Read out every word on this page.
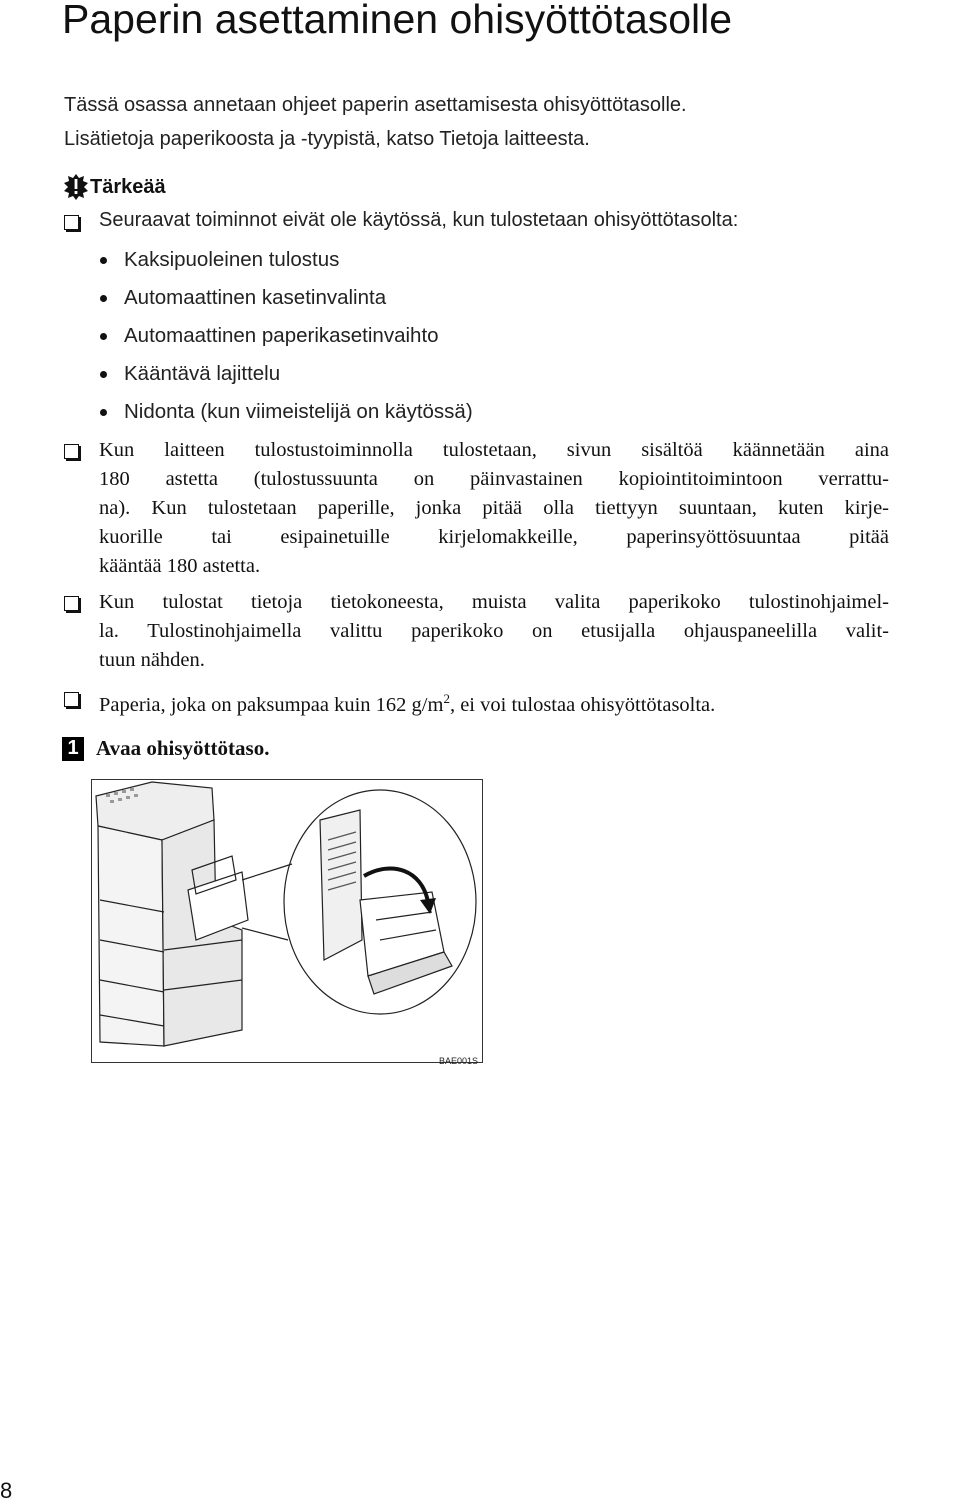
Paperin asettaminen ohisyöttötasolle
Tässä osassa annetaan ohjeet paperin asettamisesta ohisyöttötasolle.
Lisätietoja paperikoosta ja -tyypistä, katso Tietoja laitteesta.
Tärkeää
Seuraavat toiminnot eivät ole käytössä, kun tulostetaan ohisyöttötasolta:
Kaksipuoleinen tulostus
Automaattinen kasetinvalinta
Automaattinen paperikasetinvaihto
Kääntävä lajittelu
Nidonta (kun viimeistelijä on käytössä)
Kun laitteen tulostustoiminnolla tulostetaan, sivun sisältöä käännetään aina
180 astetta (tulostussuunta on päinvastainen kopiointitoimintoon verrattu-
na). Kun tulostetaan paperille, jonka pitää olla tiettyyn suuntaan, kuten kirje-
kuorille tai esipainetuille kirjelomakkeille, paperinsyöttösuuntaa pitää
kääntää 180 astetta.
Kun tulostat tietoja tietokoneesta, muista valita paperikoko tulostinohjaimel-
la. Tulostinohjaimella valittu paperikoko on etusijalla ohjauspaneelilla valit-
tuun nähden.
Paperia, joka on paksumpaa kuin 162 $g/m^2$, ei voi tulostaa ohisyöttötasolta.
1 Avaa ohisyöttötaso.
BAE001S
8
